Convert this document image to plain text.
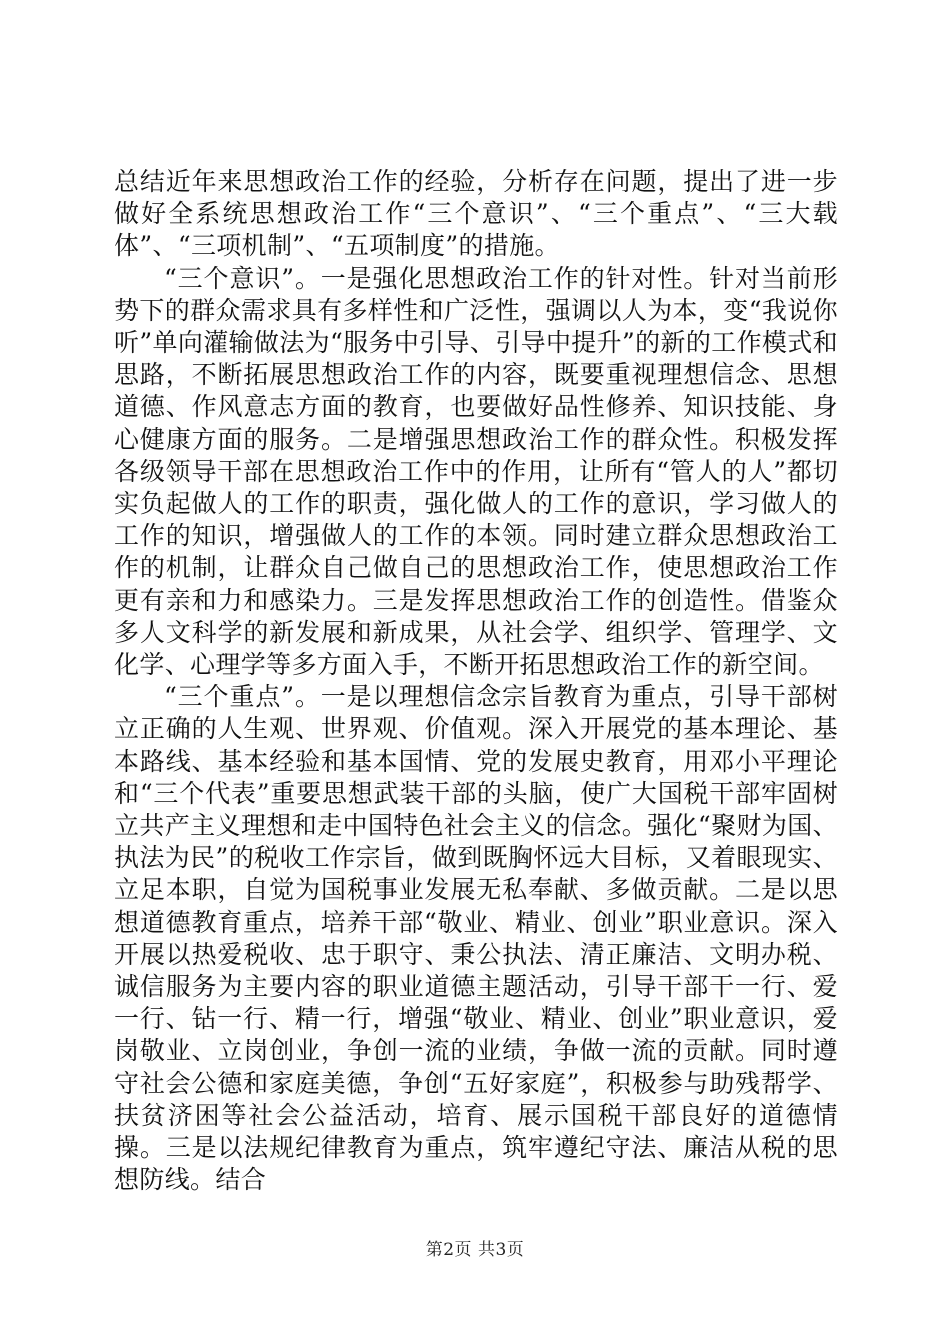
总结近年来思想政治工作的经验，分析存在问题，提出了进一步做好全系统思想政治工作“三个意识”、“三个重点”、“三大载体”、“三项机制”、“五项制度”的措施。

“三个意识”。一是强化思想政治工作的针对性。针对当前形势下的群众需求具有多样性和广泛性，强调以人为本，变“我说你听”单向灌输做法为“服务中引导、引导中提升”的新的工作模式和思路，不断拓展思想政治工作的内容，既要重视理想信念、思想道德、作风意志方面的教育，也要做好品性修养、知识技能、身心健康方面的服务。二是增强思想政治工作的群众性。积极发挥各级领导干部在思想政治工作中的作用，让所有“管人的人”都切实负起做人的工作的职责，强化做人的工作的意识，学习做人的工作的知识，增强做人的工作的本领。同时建立群众思想政治工作的机制，让群众自己做自己的思想政治工作，使思想政治工作更有亲和力和感染力。三是发挥思想政治工作的创造性。借鉴众多人文科学的新发展和新成果，从社会学、组织学、管理学、文化学、心理学等多方面入手，不断开拓思想政治工作的新空间。

“三个重点”。一是以理想信念宗旨教育为重点，引导干部树立正确的人生观、世界观、价值观。深入开展党的基本理论、基本路线、基本经验和基本国情、党的发展史教育，用邓小平理论和“三个代表”重要思想武装干部的头脑，使广大国税干部牢固树立共产主义理想和走中国特色社会主义的信念。强化“聚财为国、执法为民”的税收工作宗旨，做到既胸怀远大目标，又着眼现实、立足本职，自觉为国税事业发展无私奉献、多做贡献。二是以思想道德教育重点，培养干部“敬业、精业、创业”职业意识。深入开展以热爱税收、忠于职守、秉公执法、清正廉洁、文明办税、诚信服务为主要内容的职业道德主题活动，引导干部干一行、爱一行、钻一行、精一行，增强“敬业、精业、创业”职业意识，爱岗敬业、立岗创业，争创一流的业绩，争做一流的贡献。同时遵守社会公德和家庭美德，争创“五好家庭”，积极参与助残帮学、扶贫济困等社会公益活动，培育、展示国税干部良好的道德情操。三是以法规纪律教育为重点，筑牢遵纪守法、廉洁从税的思想防线。结合

第2页 共3页
